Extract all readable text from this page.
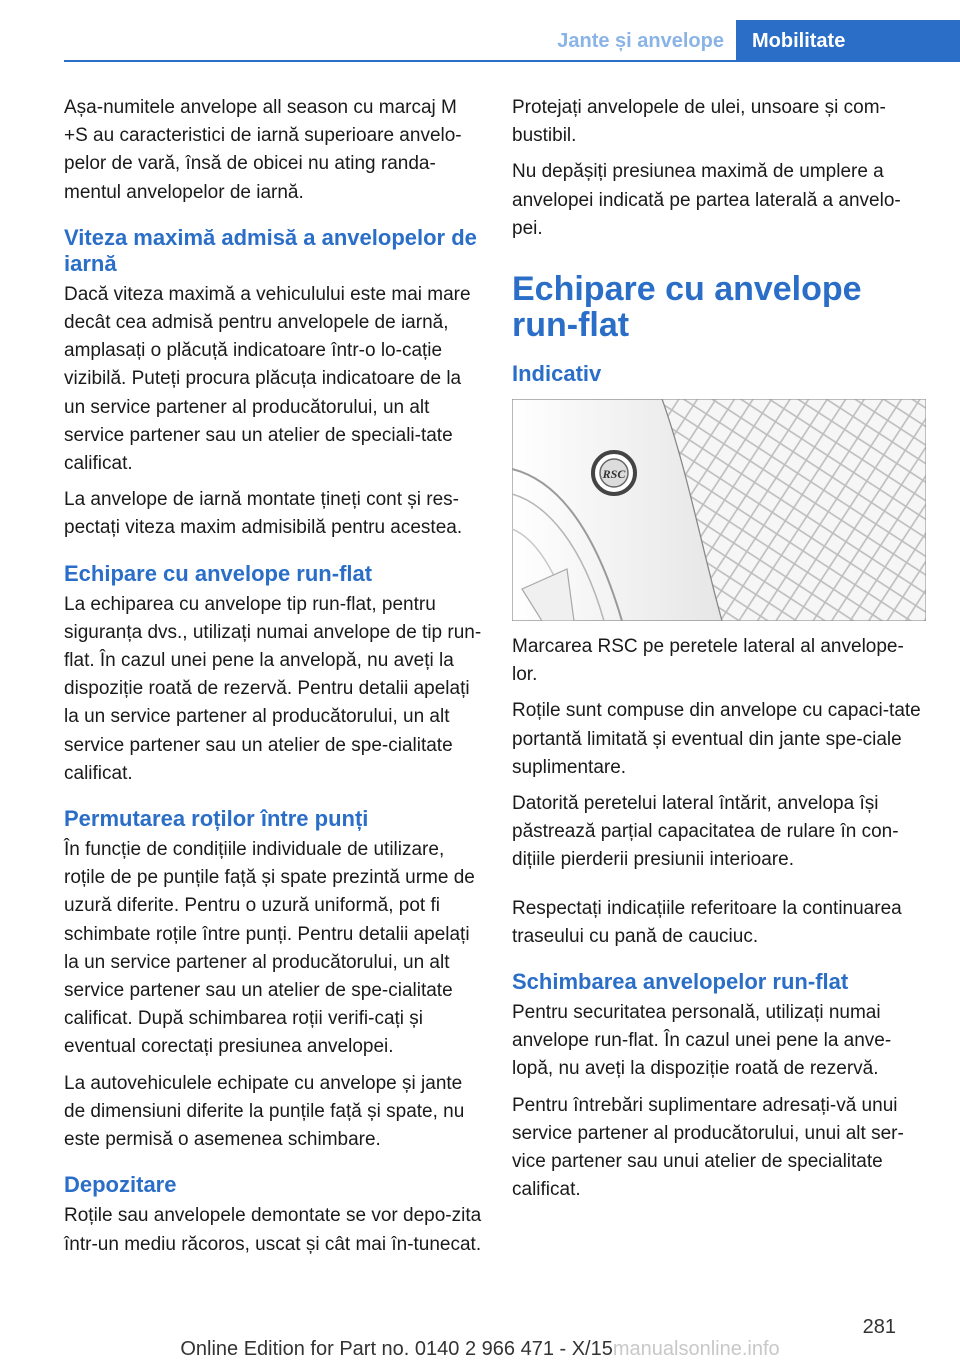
Jante și anvelope	Mobilitate

Așa-numitele anvelope all season cu marcaj M +S au caracteristici de iarnă superioare anvelo-pelor de vară, însă de obicei nu ating randa-mentul anvelopelor de iarnă.

Viteza maximă admisă a anvelopelor de iarnă

Dacă viteza maximă a vehiculului este mai mare decât cea admisă pentru anvelopele de iarnă, amplasați o plăcuță indicatoare într-o lo-cație vizibilă. Puteți procura plăcuța indicatoare de la un service partener al producătorului, un alt service partener sau un atelier de speciali-tate calificat.

La anvelope de iarnă montate țineți cont și res-pectați viteza maxim admisibilă pentru acestea.

Echipare cu anvelope run-flat

La echiparea cu anvelope tip run-flat, pentru siguranța dvs., utilizați numai anvelope de tip run-flat. În cazul unei pene la anvelopă, nu aveți la dispoziție roată de rezervă. Pentru detalii apelați la un service partener al producătorului, un alt service partener sau un atelier de spe-cialitate calificat.

Permutarea roților între punți

În funcție de condițiile individuale de utilizare, roțile de pe punțile față și spate prezintă urme de uzură diferite. Pentru o uzură uniformă, pot fi schimbate roțile între punți. Pentru detalii apelați la un service partener al producătorului, un alt service partener sau un atelier de spe-cialitate calificat. După schimbarea roții verifi-cați și eventual corectați presiunea anvelopei.

La autovehiculele echipate cu anvelope și jante de dimensiuni diferite la punțile față și spate, nu este permisă o asemenea schimbare.

Depozitare

Roțile sau anvelopele demontate se vor depo-zita într-un mediu răcoros, uscat și cât mai în-tunecat.

Protejați anvelopele de ulei, unsoare și com-bustibil.

Nu depășiți presiunea maximă de umplere a anvelopei indicată pe partea laterală a anvelo-pei.

Echipare cu anvelope run-flat
Indicativ
RSC

Marcarea RSC pe peretele lateral al anvelope-lor.

Roțile sunt compuse din anvelope cu capaci-tate portantă limitată și eventual din jante spe-ciale suplimentare.

Datorită peretelui lateral întărit, anvelopa își păstrează parțial capacitatea de rulare în con-dițiile pierderii presiunii interioare.

Respectați indicațiile referitoare la continuarea traseului cu pană de cauciuc.

Schimbarea anvelopelor run-flat

Pentru securitatea personală, utilizați numai anvelope run-flat. În cazul unei pene la anve-lopă, nu aveți la dispoziție roată de rezervă.

Pentru întrebări suplimentare adresați-vă unui service partener al producătorului, unui alt ser-vice partener sau unui atelier de specialitate calificat.

281
Online Edition for Part no. 0140 2 966 471 - X/15manualsonline.info
